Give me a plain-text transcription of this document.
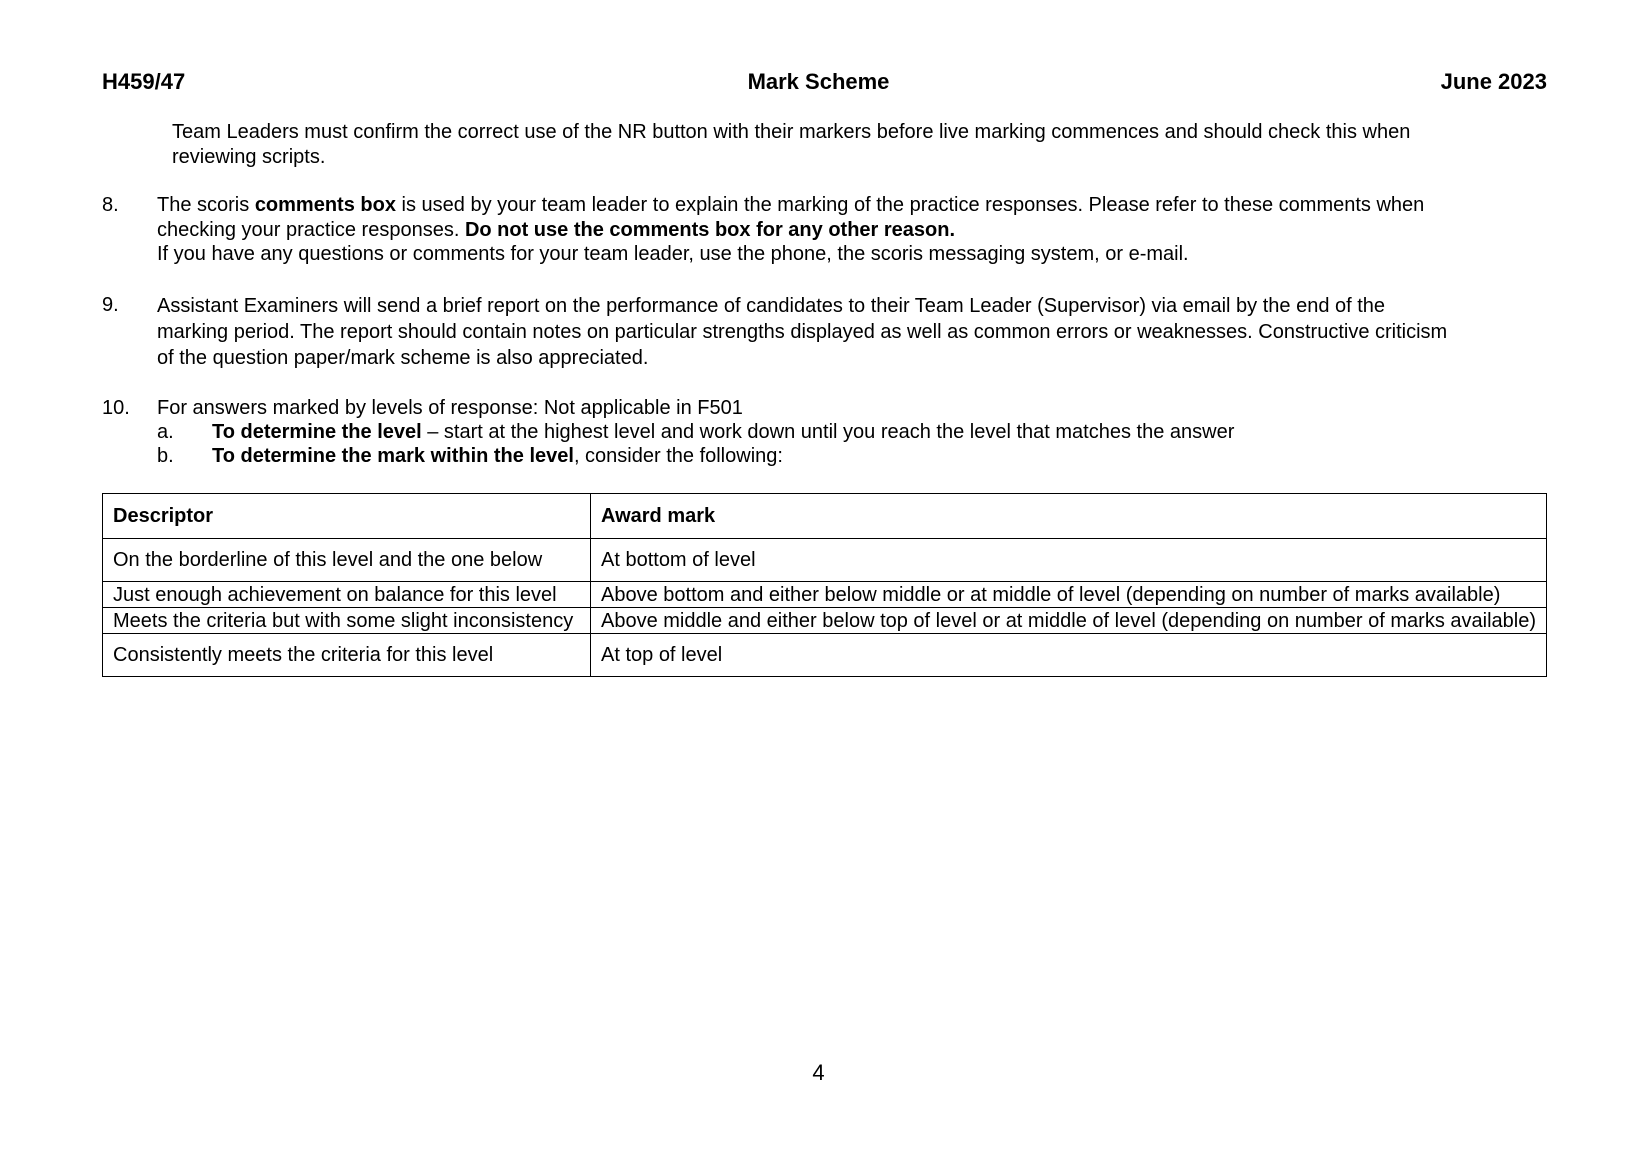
H459/47	Mark Scheme	June 2023
Team Leaders must confirm the correct use of the NR button with their markers before live marking commences and should check this when
reviewing scripts.
8. The scoris comments box is used by your team leader to explain the marking of the practice responses. Please refer to these comments when
checking your practice responses. Do not use the comments box for any other reason.
If you have any questions or comments for your team leader, use the phone, the scoris messaging system, or e-mail.
9. Assistant Examiners will send a brief report on the performance of candidates to their Team Leader (Supervisor) via email by the end of the
marking period. The report should contain notes on particular strengths displayed as well as common errors or weaknesses. Constructive criticism
of the question paper/mark scheme is also appreciated.
10. For answers marked by levels of response: Not applicable in F501
a. To determine the level – start at the highest level and work down until you reach the level that matches the answer
b. To determine the mark within the level, consider the following:
Descriptor	Award mark
On the borderline of this level and the one below	At bottom of level
Just enough achievement on balance for this level	Above bottom and either below middle or at middle of level (depending on number of marks available)
Meets the criteria but with some slight inconsistency	Above middle and either below top of level or at middle of level (depending on number of marks available)
Consistently meets the criteria for this level	At top of level
4
